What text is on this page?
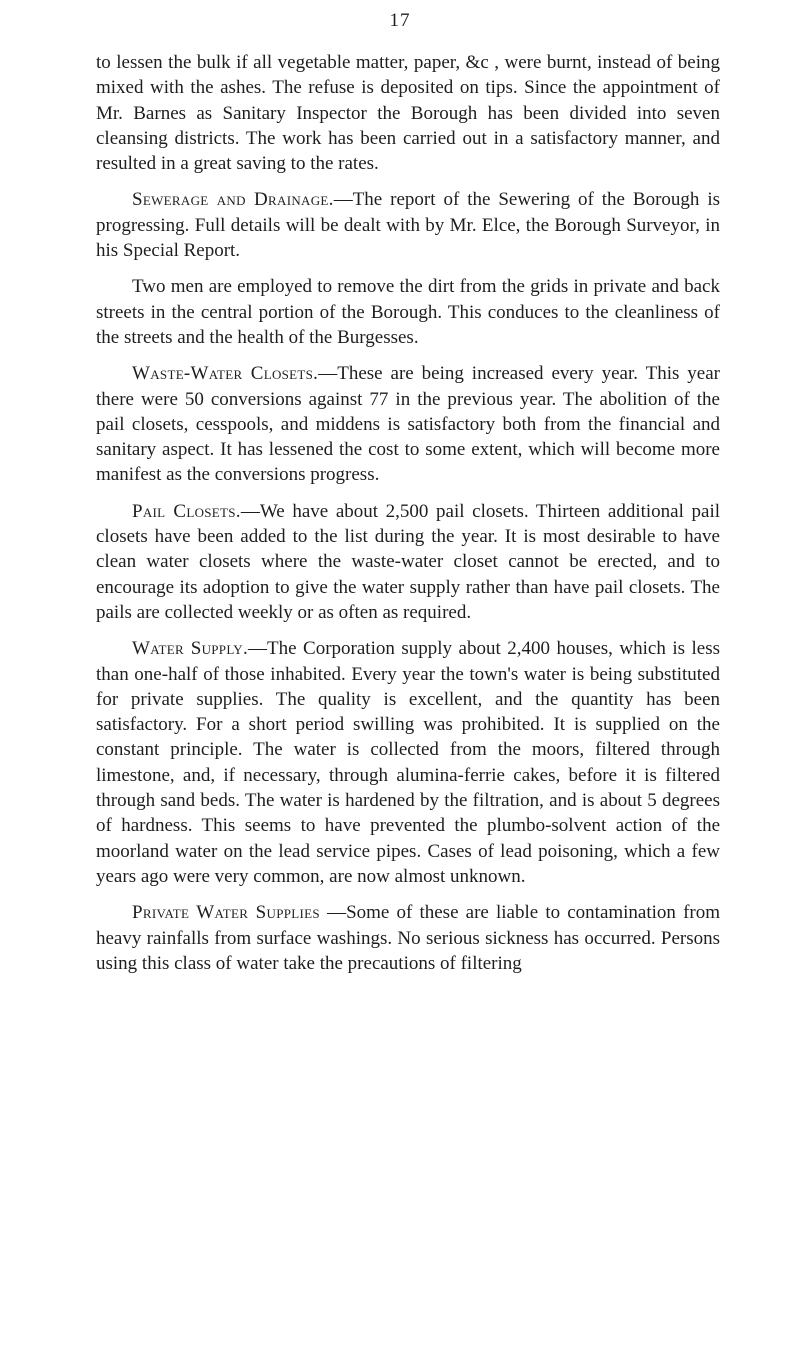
17

to lessen the bulk if all vegetable matter, paper, &c , were burnt, instead of being mixed with the ashes. The refuse is deposited on tips. Since the appointment of Mr. Barnes as Sanitary Inspector the Borough has been divided into seven cleansing districts. The work has been carried out in a satisfactory manner, and resulted in a great saving to the rates.

Sewerage and Drainage.—The report of the Sewering of the Borough is progressing. Full details will be dealt with by Mr. Elce, the Borough Surveyor, in his Special Report.

Two men are employed to remove the dirt from the grids in private and back streets in the central portion of the Borough. This conduces to the cleanliness of the streets and the health of the Burgesses.

Waste-Water Closets.—These are being increased every year. This year there were 50 conversions against 77 in the previous year. The abolition of the pail closets, cesspools, and middens is satisfactory both from the financial and sanitary aspect. It has lessened the cost to some extent, which will become more manifest as the conversions progress.

Pail Closets.—We have about 2,500 pail closets. Thirteen additional pail closets have been added to the list during the year. It is most desirable to have clean water closets where the waste-water closet cannot be erected, and to encourage its adoption to give the water supply rather than have pail closets. The pails are collected weekly or as often as required.

Water Supply.—The Corporation supply about 2,400 houses, which is less than one-half of those inhabited. Every year the town's water is being substituted for private supplies. The quality is excellent, and the quantity has been satisfactory. For a short period swilling was prohibited. It is supplied on the constant principle. The water is collected from the moors, filtered through limestone, and, if necessary, through alumina-ferrie cakes, before it is filtered through sand beds. The water is hardened by the filtration, and is about 5 degrees of hardness. This seems to have prevented the plumbo-solvent action of the moorland water on the lead service pipes. Cases of lead poisoning, which a few years ago were very common, are now almost unknown.

Private Water Supplies —Some of these are liable to contamination from heavy rainfalls from surface washings. No serious sickness has occurred. Persons using this class of water take the precautions of filtering
